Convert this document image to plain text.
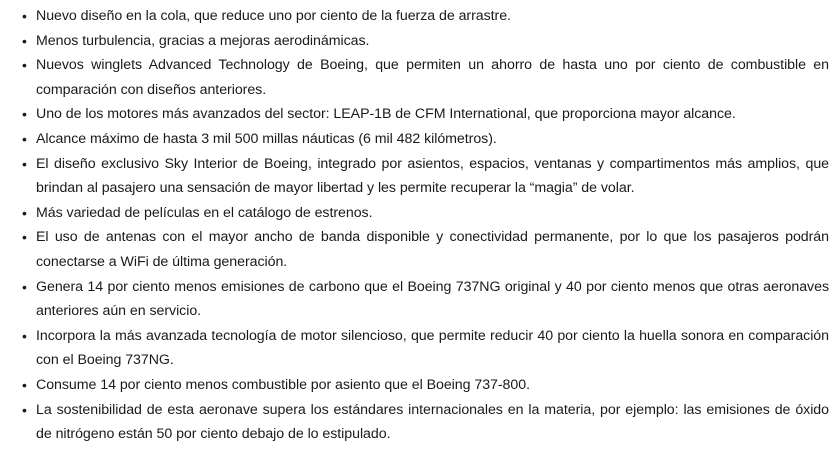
• Nuevo diseño en la cola, que reduce uno por ciento de la fuerza de arrastre.
• Menos turbulencia, gracias a mejoras aerodinámicas.
• Nuevos winglets Advanced Technology de Boeing, que permiten un ahorro de hasta uno por ciento de combustible en comparación con diseños anteriores.
• Uno de los motores más avanzados del sector: LEAP-1B de CFM International, que proporciona mayor alcance.
• Alcance máximo de hasta 3 mil 500 millas náuticas (6 mil 482 kilómetros).
• El diseño exclusivo Sky Interior de Boeing, integrado por asientos, espacios, ventanas y compartimentos más amplios, que brindan al pasajero una sensación de mayor libertad y les permite recuperar la “magia” de volar.
• Más variedad de películas en el catálogo de estrenos.
• El uso de antenas con el mayor ancho de banda disponible y conectividad permanente, por lo que los pasajeros podrán conectarse a WiFi de última generación.
• Genera 14 por ciento menos emisiones de carbono que el Boeing 737NG original y 40 por ciento menos que otras aeronaves anteriores aún en servicio.
• Incorpora la más avanzada tecnología de motor silencioso, que permite reducir 40 por ciento la huella sonora en comparación con el Boeing 737NG.
• Consume 14 por ciento menos combustible por asiento que el Boeing 737-800.
• La sostenibilidad de esta aeronave supera los estándares internacionales en la materia, por ejemplo: las emisiones de óxido de nitrógeno están 50 por ciento debajo de lo estipulado.
